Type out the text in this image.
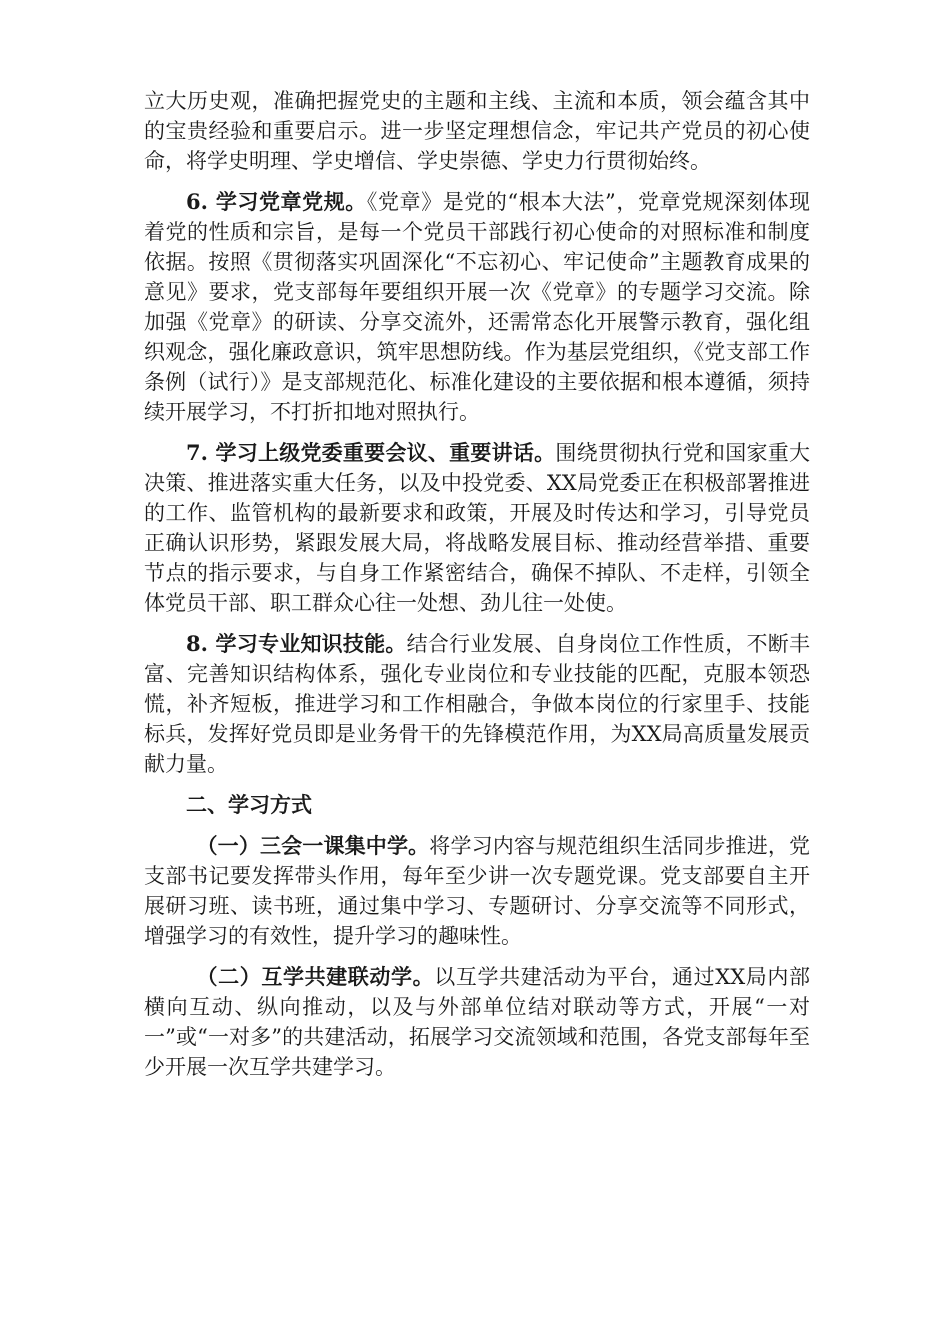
立大历史观，准确把握党史的主题和主线、主流和本质，领会蕴含其中的宝贵经验和重要启示。进一步坚定理想信念，牢记共产党员的初心使命，将学史明理、学史增信、学史崇德、学史力行贯彻始终。

6. 学习党章党规。《党章》是党的“根本大法”，党章党规深刻体现着党的性质和宗旨，是每一个党员干部践行初心使命的对照标准和制度依据。按照《贯彻落实巩固深化“不忘初心、牢记使命”主题教育成果的意见》要求，党支部每年要组织开展一次《党章》的专题学习交流。除加强《党章》的研读、分享交流外，还需常态化开展警示教育，强化组织观念，强化廉政意识，筑牢思想防线。作为基层党组织，《党支部工作条例（试行）》是支部规范化、标准化建设的主要依据和根本遵循，须持续开展学习，不打折扣地对照执行。

7. 学习上级党委重要会议、重要讲话。围绕贯彻执行党和国家重大决策、推进落实重大任务，以及中投党委、XX局党委正在积极部署推进的工作、监管机构的最新要求和政策，开展及时传达和学习，引导党员正确认识形势，紧跟发展大局，将战略发展目标、推动经营举措、重要节点的指示要求，与自身工作紧密结合，确保不掉队、不走样，引领全体党员干部、职工群众心往一处想、劲儿往一处使。

8. 学习专业知识技能。结合行业发展、自身岗位工作性质，不断丰富、完善知识结构体系，强化专业岗位和专业技能的匹配，克服本领恐慌，补齐短板，推进学习和工作相融合，争做本岗位的行家里手、技能标兵，发挥好党员即是业务骨干的先锋模范作用，为XX局高质量发展贡献力量。

二、学习方式

（一）三会一课集中学。将学习内容与规范组织生活同步推进，党支部书记要发挥带头作用，每年至少讲一次专题党课。党支部要自主开展研习班、读书班，通过集中学习、专题研讨、分享交流等不同形式，增强学习的有效性，提升学习的趣味性。

（二）互学共建联动学。以互学共建活动为平台，通过XX局内部横向互动、纵向推动，以及与外部单位结对联动等方式，开展“一对一”或“一对多”的共建活动，拓展学习交流领域和范围，各党支部每年至少开展一次互学共建学习。
